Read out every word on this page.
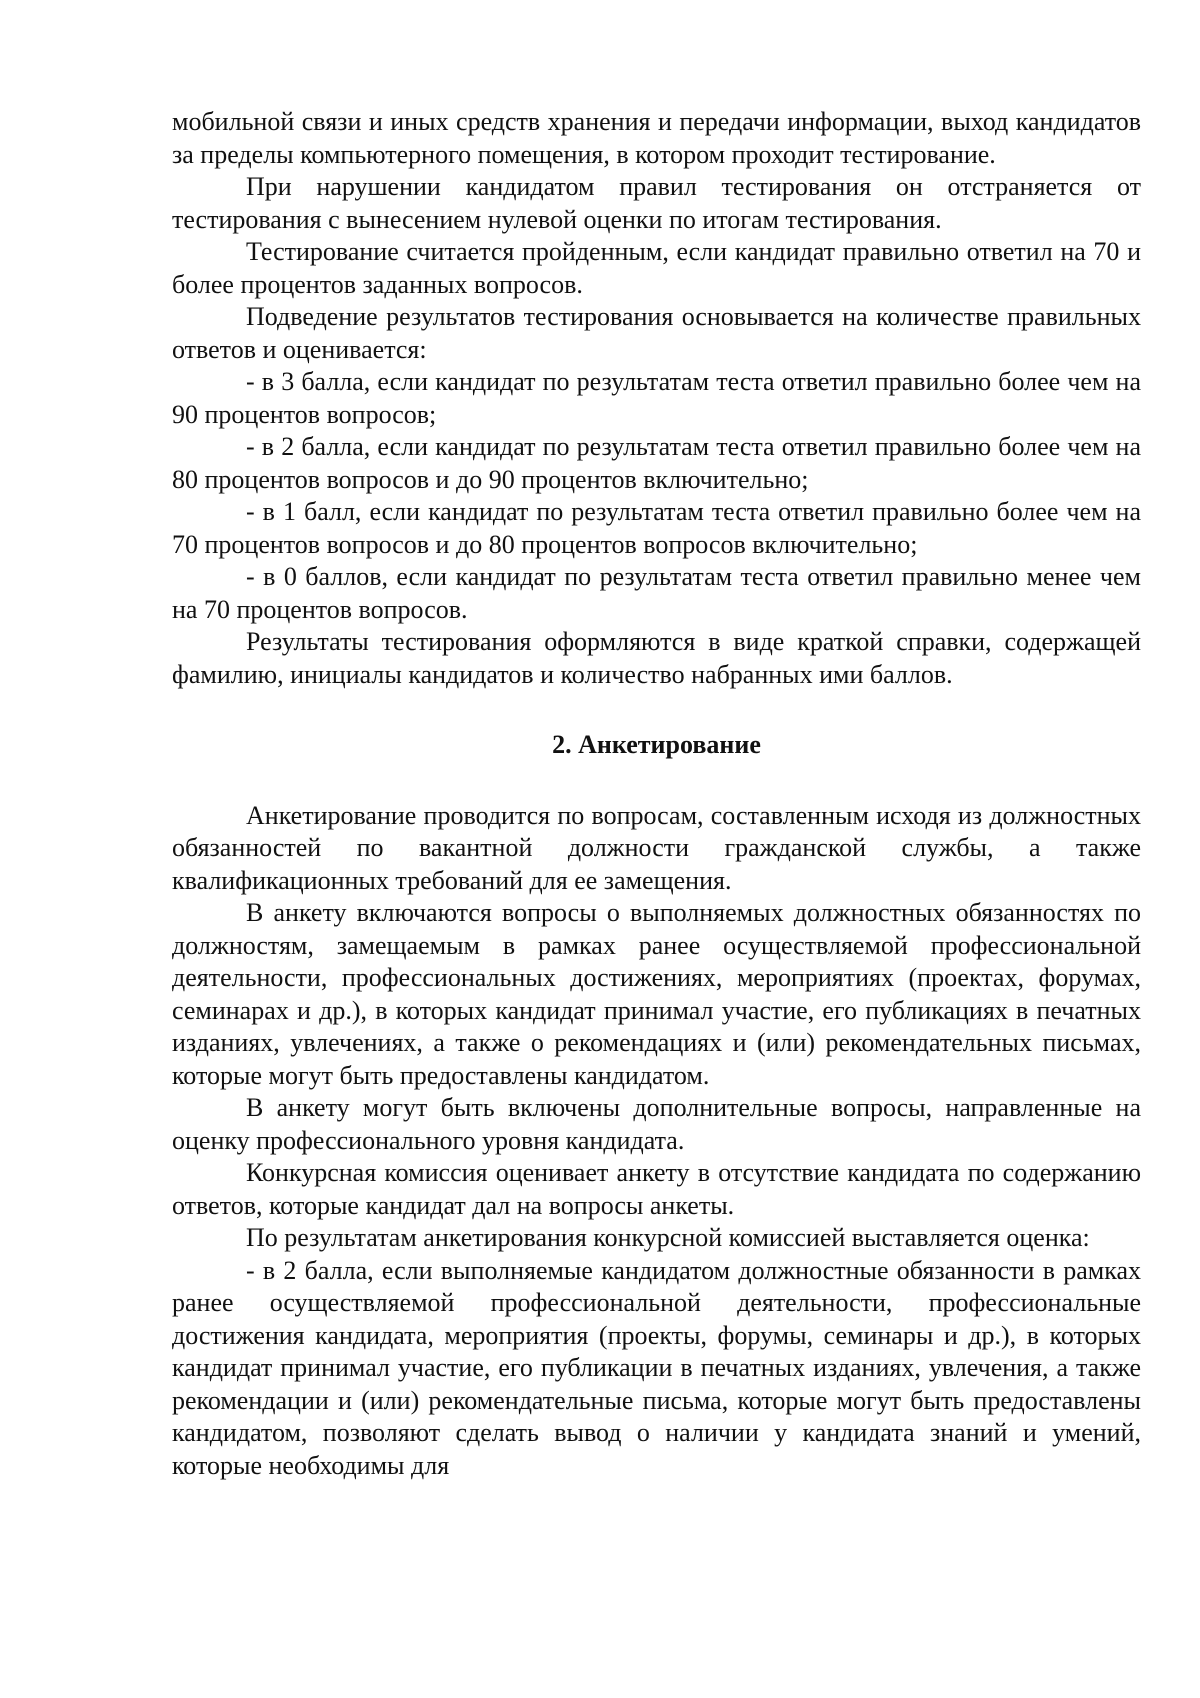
мобильной связи и иных средств хранения и передачи информации, выход кандидатов за пределы компьютерного помещения, в котором проходит тестирование.

При нарушении кандидатом правил тестирования он отстраняется от тестирования с вынесением нулевой оценки по итогам тестирования.

Тестирование считается пройденным, если кандидат правильно ответил на 70 и более процентов заданных вопросов.

Подведение результатов тестирования основывается на количестве правильных ответов и оценивается:

- в 3 балла, если кандидат по результатам теста ответил правильно более чем на 90 процентов вопросов;

- в 2 балла, если кандидат по результатам теста ответил правильно более чем на 80 процентов вопросов и до 90 процентов включительно;

- в 1 балл, если кандидат по результатам теста ответил правильно более чем на 70 процентов вопросов и до 80 процентов вопросов включительно;

- в 0 баллов, если кандидат по результатам теста ответил правильно менее чем на 70 процентов вопросов.

Результаты тестирования оформляются в виде краткой справки, содержащей фамилию, инициалы кандидатов и количество набранных ими баллов.

2. Анкетирование

Анкетирование проводится по вопросам, составленным исходя из должностных обязанностей по вакантной должности гражданской службы, а также квалификационных требований для ее замещения.

В анкету включаются вопросы о выполняемых должностных обязанностях по должностям, замещаемым в рамках ранее осуществляемой профессиональной деятельности, профессиональных достижениях, мероприятиях (проектах, форумах, семинарах и др.), в которых кандидат принимал участие, его публикациях в печатных изданиях, увлечениях, а также о рекомендациях и (или) рекомендательных письмах, которые могут быть предоставлены кандидатом.

В анкету могут быть включены дополнительные вопросы, направленные на оценку профессионального уровня кандидата.

Конкурсная комиссия оценивает анкету в отсутствие кандидата по содержанию ответов, которые кандидат дал на вопросы анкеты.

По результатам анкетирования конкурсной комиссией выставляется оценка:

- в 2 балла, если выполняемые кандидатом должностные обязанности в рамках ранее осуществляемой профессиональной деятельности, профессиональные достижения кандидата, мероприятия (проекты, форумы, семинары и др.), в которых кандидат принимал участие, его публикации в печатных изданиях, увлечения, а также рекомендации и (или) рекомендательные письма, которые могут быть предоставлены кандидатом, позволяют сделать вывод о наличии у кандидата знаний и умений, которые необходимы для
